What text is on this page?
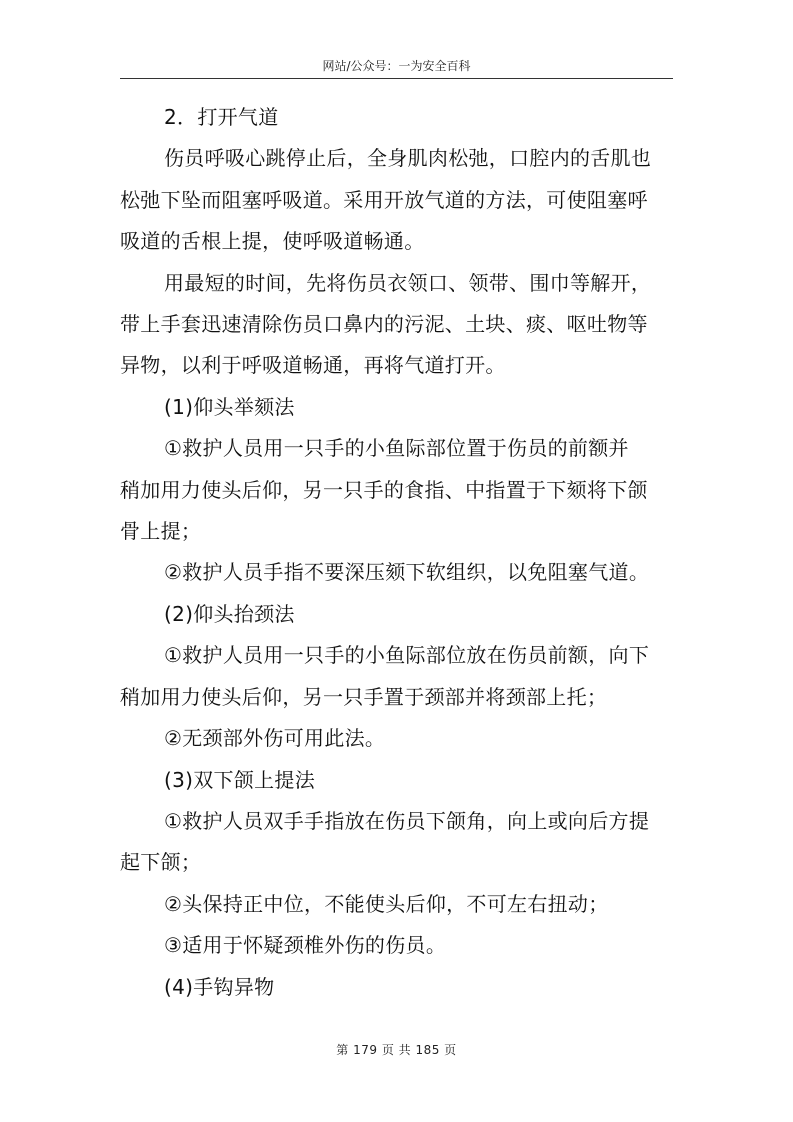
网站/公众号：一为安全百科

2．打开气道

伤员呼吸心跳停止后，全身肌肉松弛，口腔内的舌肌也

松弛下坠而阻塞呼吸道。采用开放气道的方法，可使阻塞呼

吸道的舌根上提，使呼吸道畅通。

用最短的时间，先将伤员衣领口、领带、围巾等解开，

带上手套迅速清除伤员口鼻内的污泥、土块、痰、呕吐物等

异物，以利于呼吸道畅通，再将气道打开。

(1)仰头举颏法

①救护人员用一只手的小鱼际部位置于伤员的前额并

稍加用力使头后仰，另一只手的食指、中指置于下颏将下颌

骨上提；

②救护人员手指不要深压颏下软组织，以免阻塞气道。

(2)仰头抬颈法

①救护人员用一只手的小鱼际部位放在伤员前额，向下

稍加用力使头后仰，另一只手置于颈部并将颈部上托；

②无颈部外伤可用此法。

(3)双下颌上提法

①救护人员双手手指放在伤员下颌角，向上或向后方提

起下颌；

②头保持正中位，不能使头后仰，不可左右扭动；

③适用于怀疑颈椎外伤的伤员。

(4)手钩异物

第 179 页 共 185 页
